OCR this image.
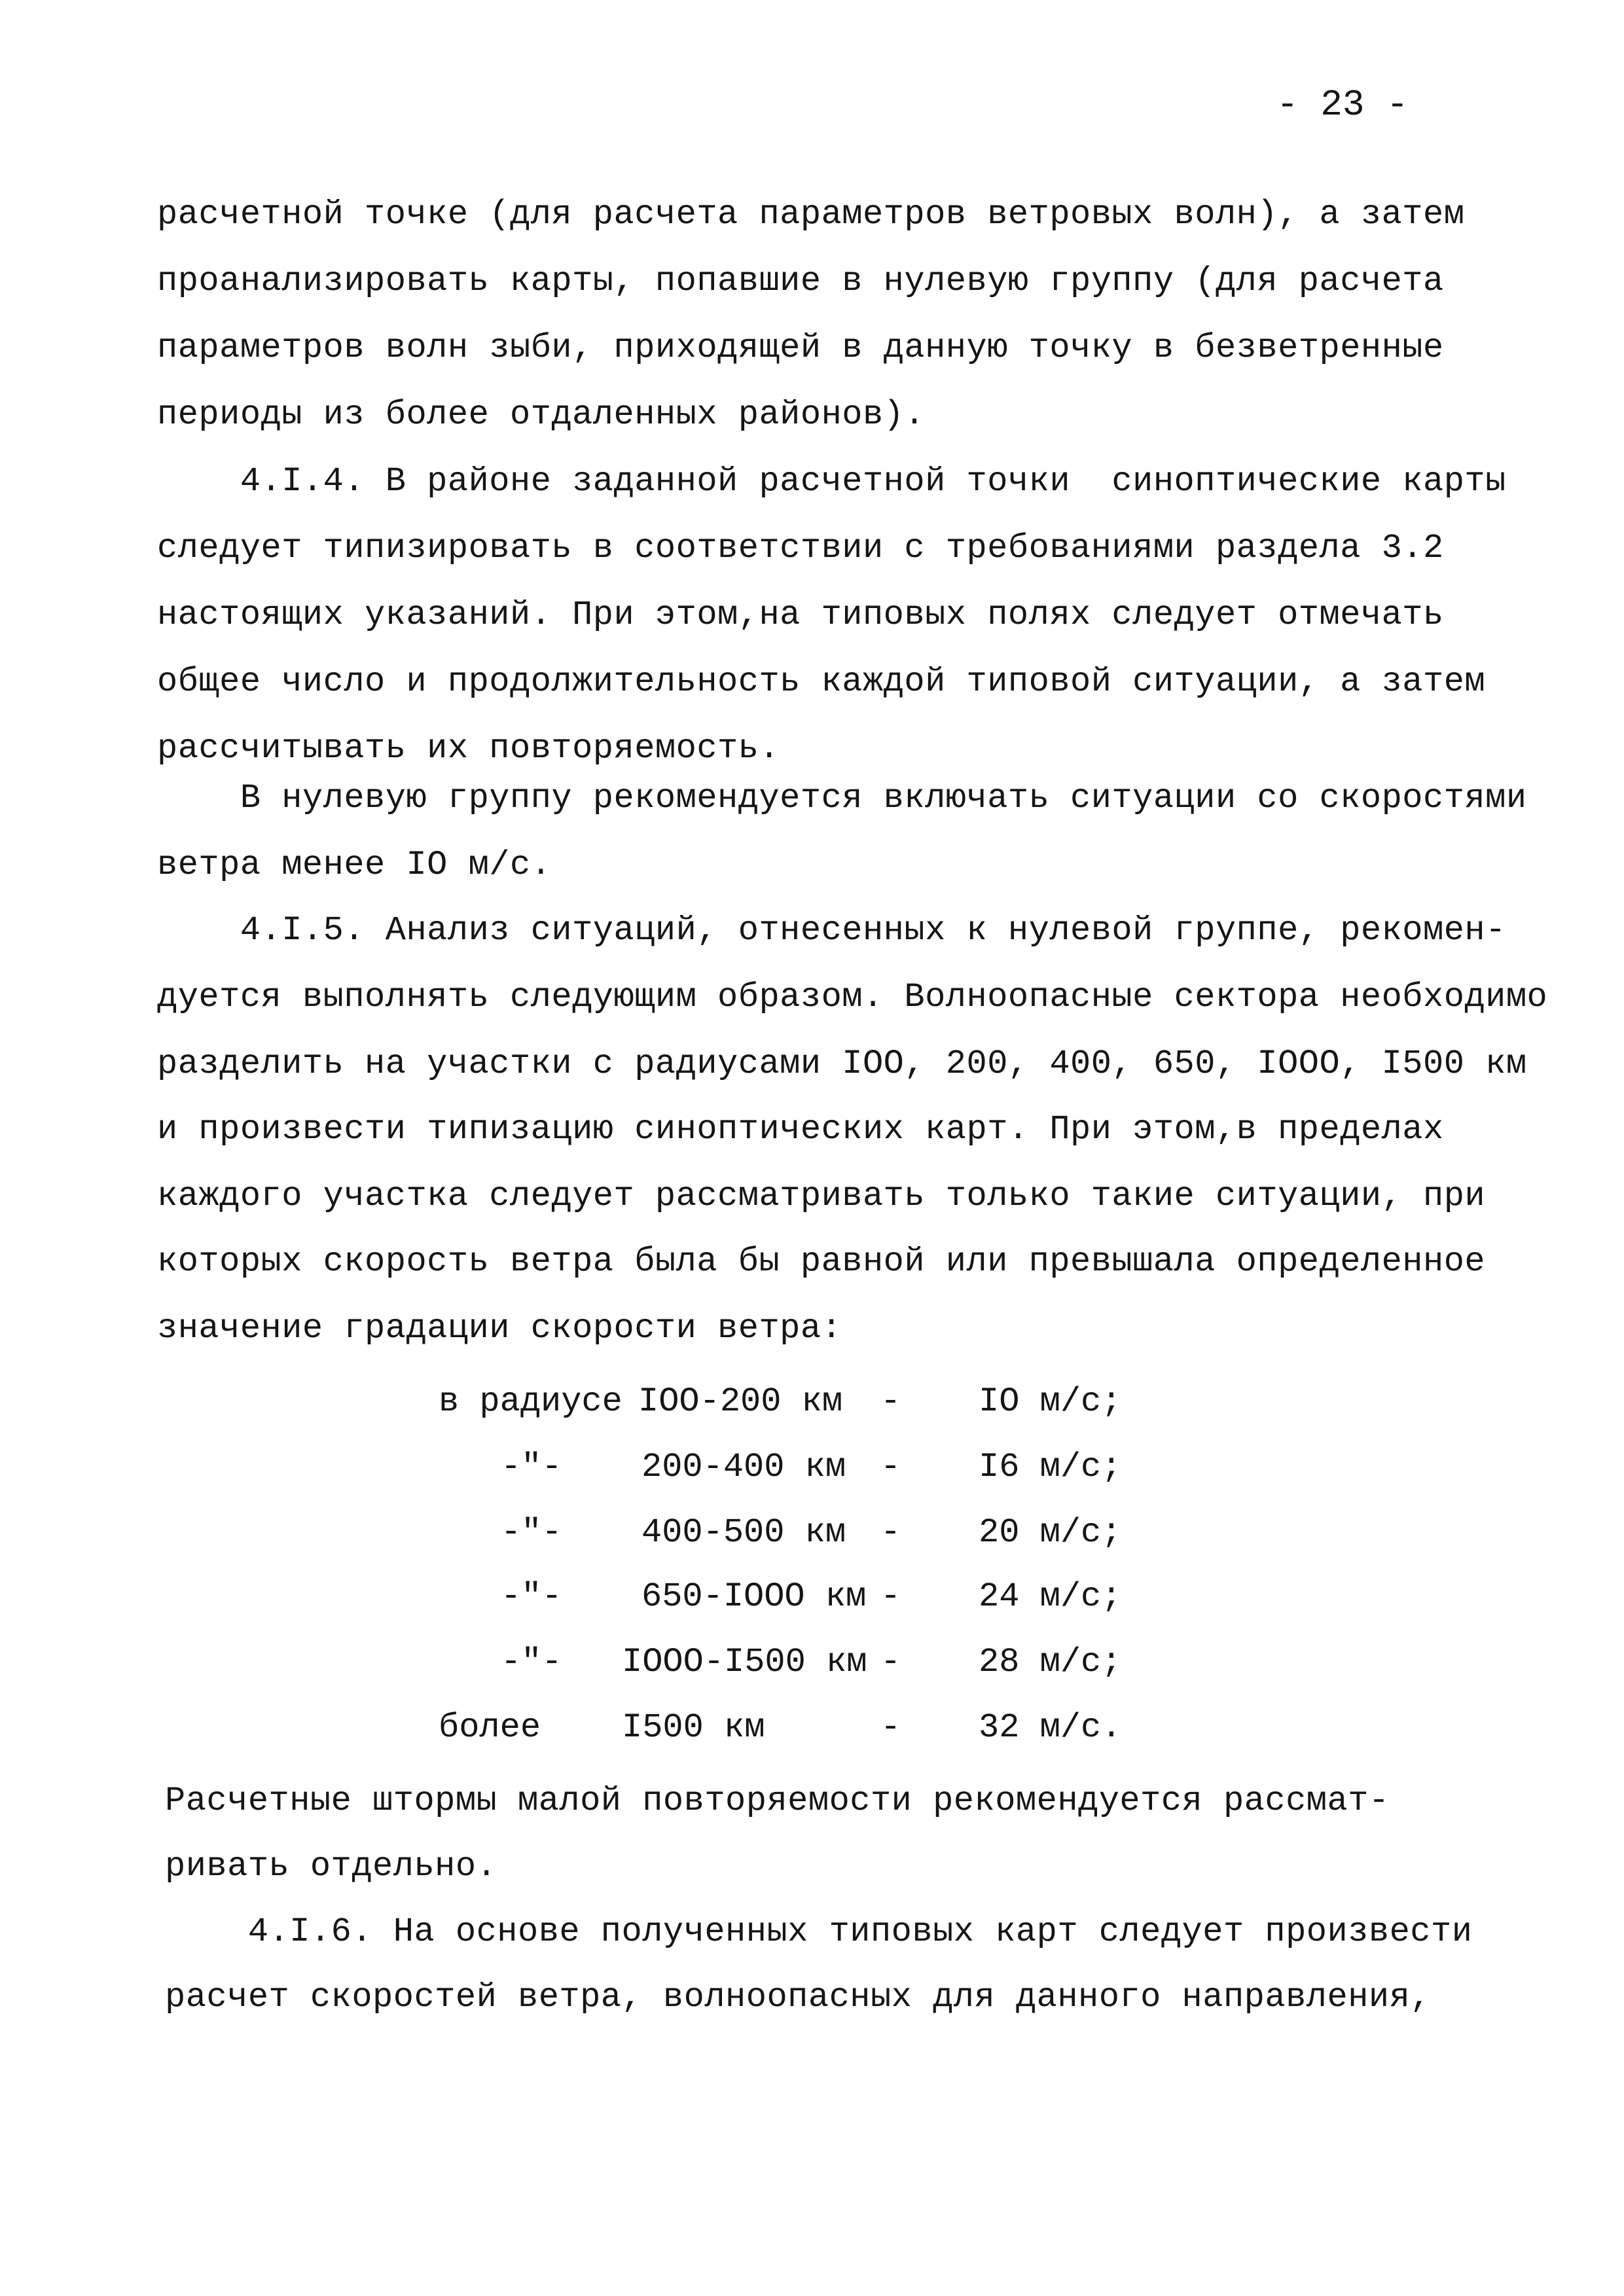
- 23 -
расчетной точке (для расчета параметров ветровых волн), а затем
проанализировать карты, попавшие в нулевую группу (для расчета
параметров волн зыби, приходящей в данную точку в безветренные
периоды из более отдаленных районов).
4.I.4. В районе заданной расчетной точки  синоптические карты
следует типизировать в соответствии с требованиями раздела 3.2
настоящих указаний. При этом,на типовых полях следует отмечать
общее число и продолжительность каждой типовой ситуации, а затем
рассчитывать их повторяемость.
В нулевую группу рекомендуется включать ситуации со скоростями
ветра менее IO м/с.
4.I.5. Анализ ситуаций, отнесенных к нулевой группе, рекомен-
дуется выполнять следующим образом. Волноопасные сектора необходимо
разделить на участки с радиусами IOO, 200, 400, 650, IOOO, I500 км
и произвести типизацию синоптических карт. При этом,в пределах
каждого участка следует рассматривать только такие ситуации, при
которых скорость ветра была бы равной или превышала определенное
значение градации скорости ветра:
в радиусе IOO-200 км - IO м/с;
-"- 200-400 км - I6 м/с;
-"- 400-500 км - 20 м/с;
-"- 650-IOOO км - 24 м/с;
-"- IOOO-I500 км - 28 м/с;
более I500 км	- 32 м/с.
Расчетные штормы малой повторяемости рекомендуется рассмат-
ривать отдельно.
4.I.6. На основе полученных типовых карт следует произвести
расчет скоростей ветра, волноопасных для данного направления,
